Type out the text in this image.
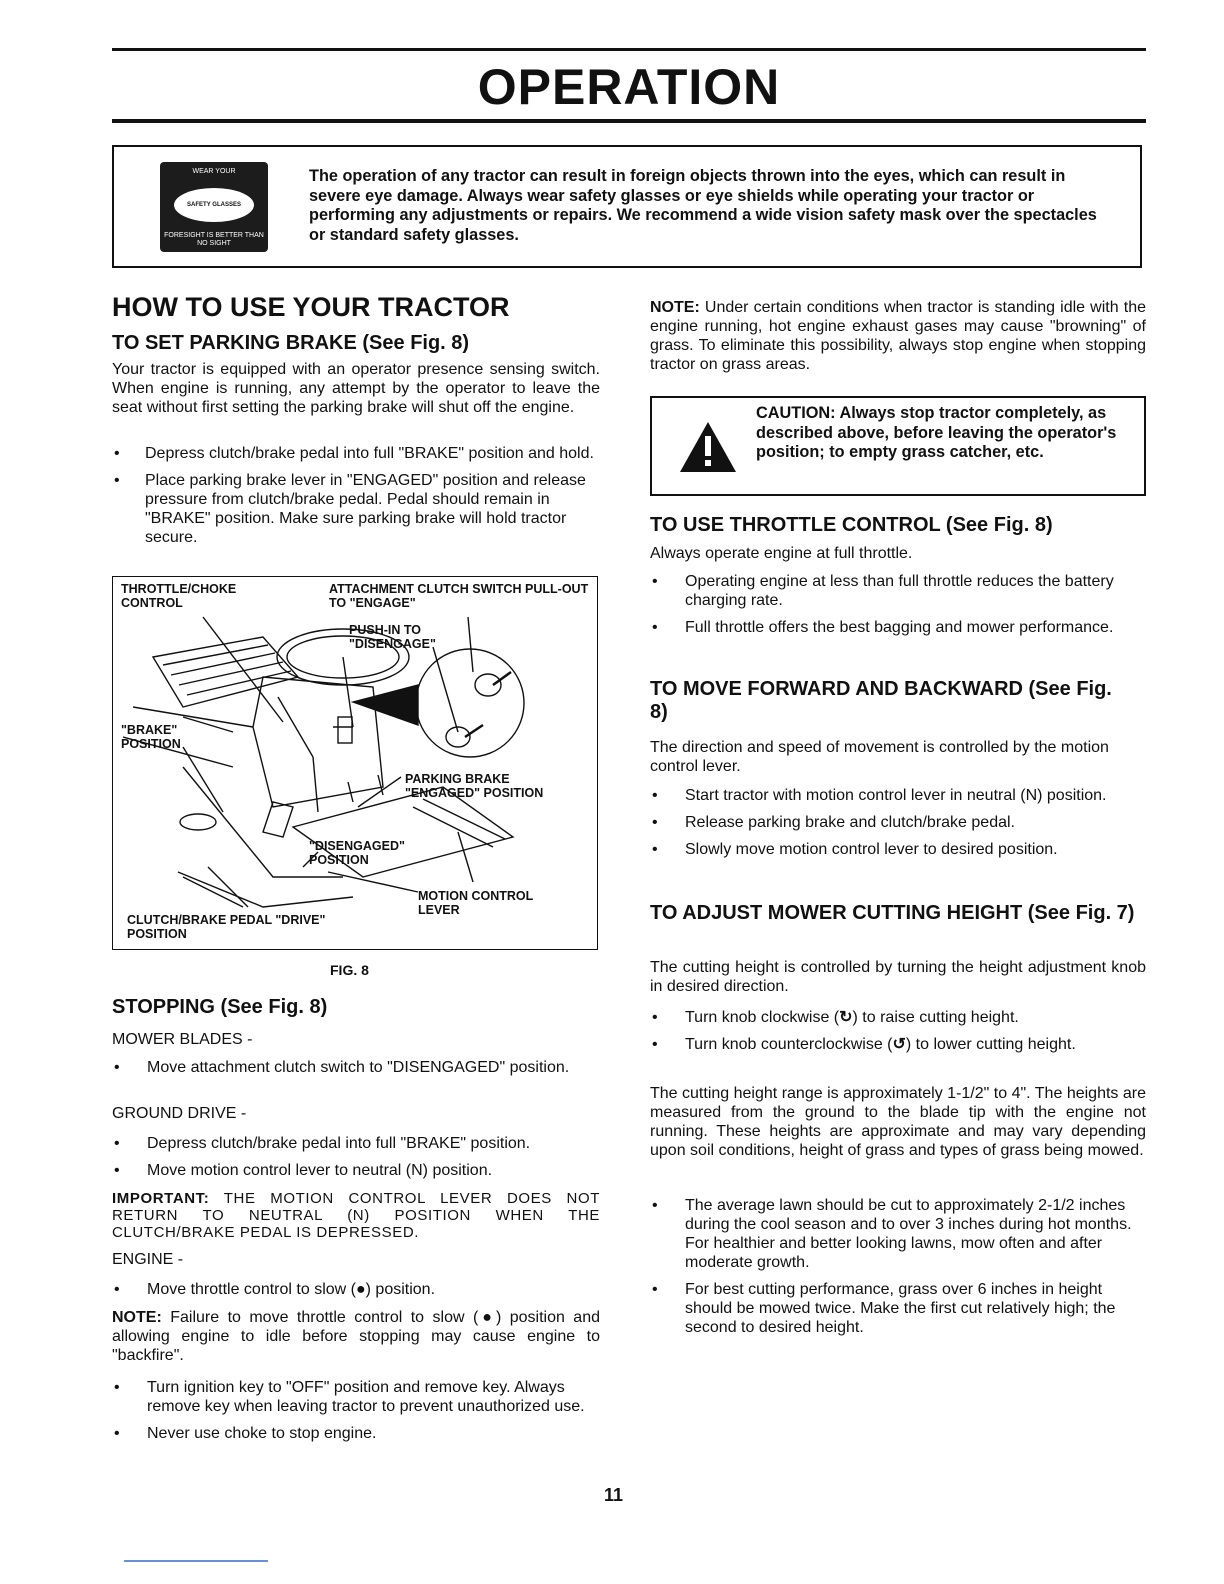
OPERATION
WEAR YOUR
SAFETY GLASSES
FORESIGHT IS BETTER THAN NO SIGHT
The operation of any tractor can result in foreign objects thrown into the eyes, which can result in severe eye damage. Always wear safety glasses or eye shields while operating your tractor or performing any adjustments or repairs. We recommend a wide vision safety mask over the spectacles or standard safety glasses.
HOW TO USE YOUR TRACTOR
TO SET PARKING BRAKE (See Fig. 8)

Your tractor is equipped with an operator presence sensing switch. When engine is running, any attempt by the operator to leave the seat without first setting the parking brake will shut off the engine.

• Depress clutch/brake pedal into full "BRAKE" position and hold.
• Place parking brake lever in "ENGAGED" position and release pressure from clutch/brake pedal. Pedal should remain in "BRAKE" position. Make sure parking brake will hold tractor secure.
THROTTLE/CHOKE CONTROL
ATTACHMENT CLUTCH SWITCH PULL-OUT TO "ENGAGE"
PUSH-IN TO "DISENGAGE"
"BRAKE" POSITION
PARKING BRAKE "ENGAGED" POSITION
"DISENGAGED" POSITION
MOTION CONTROL LEVER
CLUTCH/BRAKE PEDAL "DRIVE" POSITION
FIG. 8
STOPPING (See Fig. 8)
MOWER BLADES -
• Move attachment clutch switch to "DISENGAGED" position.
GROUND DRIVE -
• Depress clutch/brake pedal into full "BRAKE" position.
• Move motion control lever to neutral (N) position.

IMPORTANT: THE MOTION CONTROL LEVER DOES NOT RETURN TO NEUTRAL (N) POSITION WHEN THE CLUTCH/BRAKE PEDAL IS DEPRESSED.

ENGINE -
• Move throttle control to slow (●) position.

NOTE: Failure to move throttle control to slow (●) position and allowing engine to idle before stopping may cause engine to "backfire".

• Turn ignition key to "OFF" position and remove key. Always remove key when leaving tractor to prevent unauthorized use.
• Never use choke to stop engine.

NOTE: Under certain conditions when tractor is standing idle with the engine running, hot engine exhaust gases may cause "browning" of grass. To eliminate this possibility, always stop engine when stopping tractor on grass areas.

CAUTION: Always stop tractor completely, as described above, before leaving the operator's position; to empty grass catcher, etc.
TO USE THROTTLE CONTROL (See Fig. 8)

Always operate engine at full throttle.

• Operating engine at less than full throttle reduces the battery charging rate.
• Full throttle offers the best bagging and mower performance.
TO MOVE FORWARD AND BACKWARD (See Fig. 8)

The direction and speed of movement is controlled by the motion control lever.

• Start tractor with motion control lever in neutral (N) position.
• Release parking brake and clutch/brake pedal.
• Slowly move motion control lever to desired position.
TO ADJUST MOWER CUTTING HEIGHT (See Fig. 7)

The cutting height is controlled by turning the height adjustment knob in desired direction.

• Turn knob clockwise (↻) to raise cutting height.
• Turn knob counterclockwise (↺) to lower cutting height.

The cutting height range is approximately 1-1/2" to 4". The heights are measured from the ground to the blade tip with the engine not running. These heights are approximate and may vary depending upon soil conditions, height of grass and types of grass being mowed.

• The average lawn should be cut to approximately 2-1/2 inches during the cool season and to over 3 inches during hot months. For healthier and better looking lawns, mow often and after moderate growth.
• For best cutting performance, grass over 6 inches in height should be mowed twice. Make the first cut relatively high; the second to desired height.
11
